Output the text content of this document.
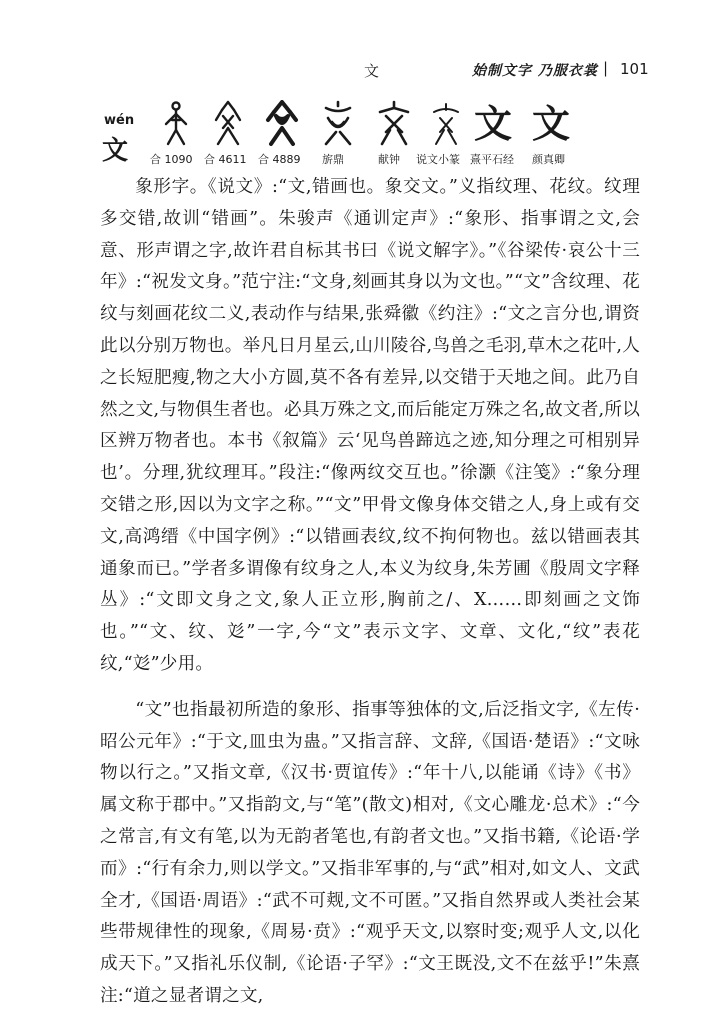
文	始制文字 乃服衣裳 | 101
wén
文 合 1090 合 4611 合 4889 旂鼎	献钟 说文小篆
文
熹平石经
文
颜真卿

象形字。《说文》:“文,错画也。象交文。”义指纹理、花纹。纹理多交错,故训“错画”。朱骏声《通训定声》:“象形、指事谓之文,会意、形声谓之字,故许君自标其书曰《说文解字》。”《谷梁传·哀公十三年》:“祝发文身。”范宁注:“文身,刻画其身以为文也。”“文”含纹理、花纹与刻画花纹二义,表动作与结果,张舜徽《约注》:“文之言分也,谓资此以分别万物也。举凡日月星云,山川陵谷,鸟兽之毛羽,草木之花叶,人之长短肥瘦,物之大小方圆,莫不各有差异,以交错于天地之间。此乃自然之文,与物俱生者也。必具万殊之文,而后能定万殊之名,故文者,所以区辨万物者也。本书《叙篇》云‘见鸟兽蹄迒之迹,知分理之可相别异也’。分理,犹纹理耳。”段注:“像两纹交互也。”徐灏《注笺》:“象分理交错之形,因以为文字之称。”“文”甲骨文像身体交错之人,身上或有交文,高鸿缙《中国字例》:“以错画表纹,纹不拘何物也。兹以错画表其通象而已。”学者多谓像有纹身之人,本义为纹身,朱芳圃《殷周文字释丛》:“文即文身之文,象人正立形,胸前之/、X……即刻画之文饰也。”“文、纹、彣”一字,今“文”表示文字、文章、文化,“纹”表花纹,“彣”少用。

“文”也指最初所造的象形、指事等独体的文,后泛指文字,《左传·昭公元年》:“于文,皿虫为蛊。”又指言辞、文辞,《国语·楚语》:“文咏物以行之。”又指文章,《汉书·贾谊传》:“年十八,以能诵《诗》《书》属文称于郡中。”又指韵文,与“笔”(散文)相对,《文心雕龙·总术》:“今之常言,有文有笔,以为无韵者笔也,有韵者文也。”又指书籍,《论语·学而》:“行有余力,则以学文。”又指非军事的,与“武”相对,如文人、文武全才,《国语·周语》:“武不可觌,文不可匿。”又指自然界或人类社会某些带规律性的现象,《周易·贲》:“观乎天文,以察时变;观乎人文,以化成天下。”又指礼乐仪制,《论语·子罕》:“文王既没,文不在兹乎!”朱熹注:“道之显者谓之文,
